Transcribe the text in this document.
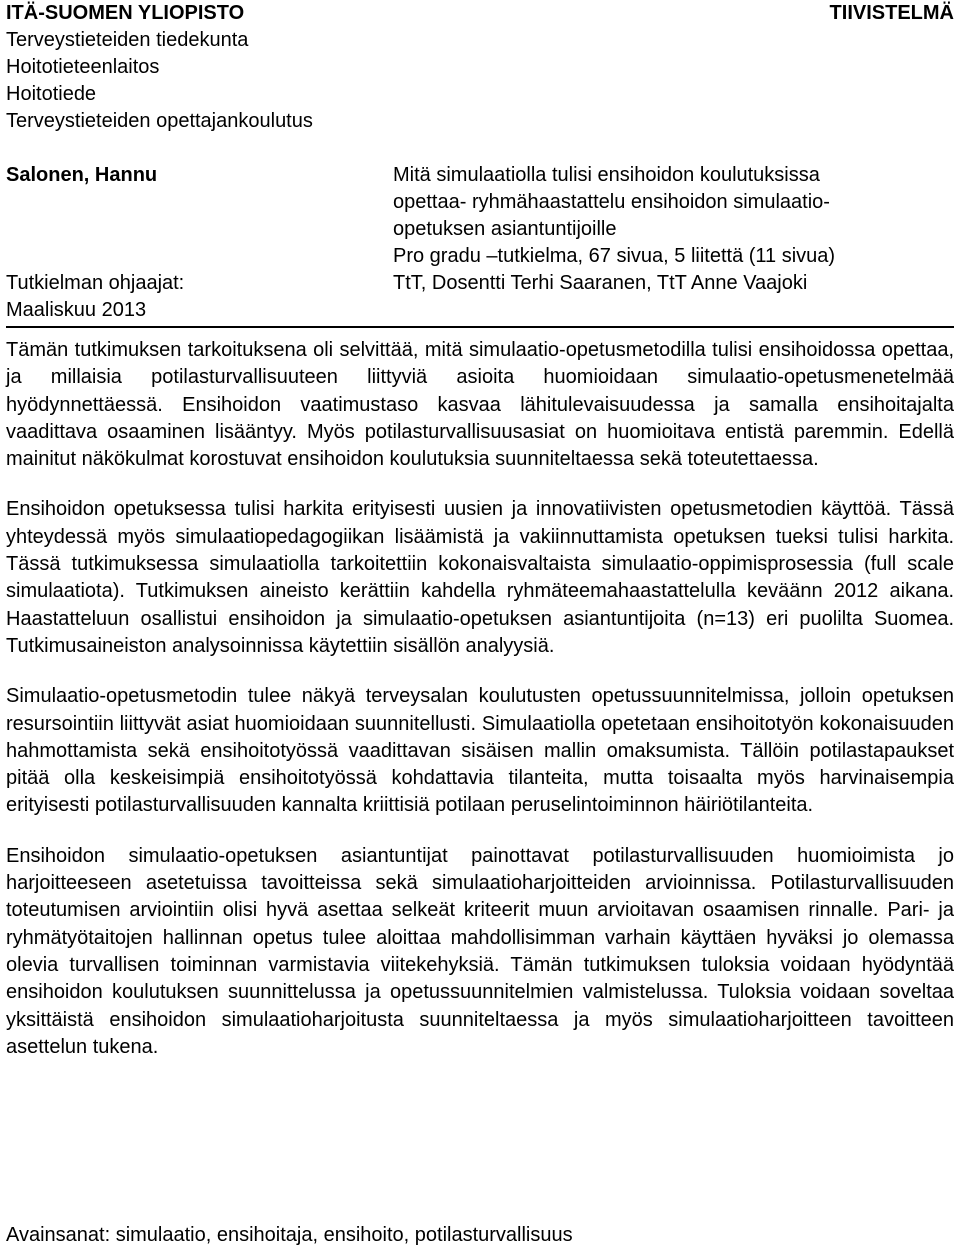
ITÄ-SUOMEN YLIOPISTO
Terveystieteiden tiedekunta
Hoitotieteenlaitos
Hoitotiede
Terveystieteiden opettajankoulutus
TIIVISTELMÄ
Salonen, Hannu
Tutkielman ohjaajat:
Maaliskuu 2013
Mitä simulaatiolla tulisi ensihoidon koulutuksissa
opettaa- ryhmähaastattelu ensihoidon simulaatio-
opetuksen asiantuntijoille
Pro gradu –tutkielma, 67 sivua, 5 liitettä (11 sivua)
TtT, Dosentti Terhi Saaranen, TtT Anne Vaajoki

Tämän tutkimuksen tarkoituksena oli selvittää, mitä simulaatio-opetusmetodilla tulisi ensihoidossa opettaa, ja millaisia potilasturvallisuuteen liittyviä asioita huomioidaan simulaatio-opetusmenetelmää hyödynnettäessä. Ensihoidon vaatimustaso kasvaa lähitulevaisuudessa ja samalla ensihoitajalta vaadittava osaaminen lisääntyy. Myös potilasturvallisuusasiat on huomioitava entistä paremmin. Edellä mainitut näkökulmat korostuvat ensihoidon koulutuksia suunniteltaessa sekä toteutettaessa.

Ensihoidon opetuksessa tulisi harkita erityisesti uusien ja innovatiivisten opetusmetodien käyttöä. Tässä yhteydessä myös simulaatiopedagogiikan lisäämistä ja vakiinnuttamista opetuksen tueksi tulisi harkita. Tässä tutkimuksessa simulaatiolla tarkoitettiin kokonaisvaltaista simulaatio-oppimisprosessia (full scale simulaatiota). Tutkimuksen aineisto kerättiin kahdella ryhmäteemahaastattelulla keväänn 2012 aikana. Haastatteluun osallistui ensihoidon ja simulaatio-opetuksen asiantuntijoita (n=13) eri puolilta Suomea. Tutkimusaineiston analysoinnissa käytettiin sisällön analyysiä.

Simulaatio-opetusmetodin tulee näkyä terveysalan koulutusten opetussuunnitelmissa, jolloin opetuksen resursointiin liittyvät asiat huomioidaan suunnitellusti. Simulaatiolla opetetaan ensihoitotyön kokonaisuuden hahmottamista sekä ensihoitotyössä vaadittavan sisäisen mallin omaksumista. Tällöin potilastapaukset pitää olla keskeisimpiä ensihoitotyössä kohdattavia tilanteita, mutta toisaalta myös harvinaisempia erityisesti potilasturvallisuuden kannalta kriittisiä potilaan peruselintoiminnon häiriötilanteita.

Ensihoidon simulaatio-opetuksen asiantuntijat painottavat potilasturvallisuuden huomioimista jo harjoitteeseen asetetuissa tavoitteissa sekä simulaatioharjoitteiden arvioinnissa. Potilasturvallisuuden toteutumisen arviointiin olisi hyvä asettaa selkeät kriteerit muun arvioitavan osaamisen rinnalle. Pari- ja ryhmätyötaitojen hallinnan opetus tulee aloittaa mahdollisimman varhain käyttäen hyväksi jo olemassa olevia turvallisen toiminnan varmistavia viitekehyksiä. Tämän tutkimuksen tuloksia voidaan hyödyntää ensihoidon koulutuksen suunnittelussa ja opetussuunnitelmien valmistelussa. Tuloksia voidaan soveltaa yksittäistä ensihoidon simulaatioharjoitusta suunniteltaessa ja myös simulaatioharjoitteen tavoitteen asettelun tukena.

Avainsanat: simulaatio, ensihoitaja, ensihoito, potilasturvallisuus
